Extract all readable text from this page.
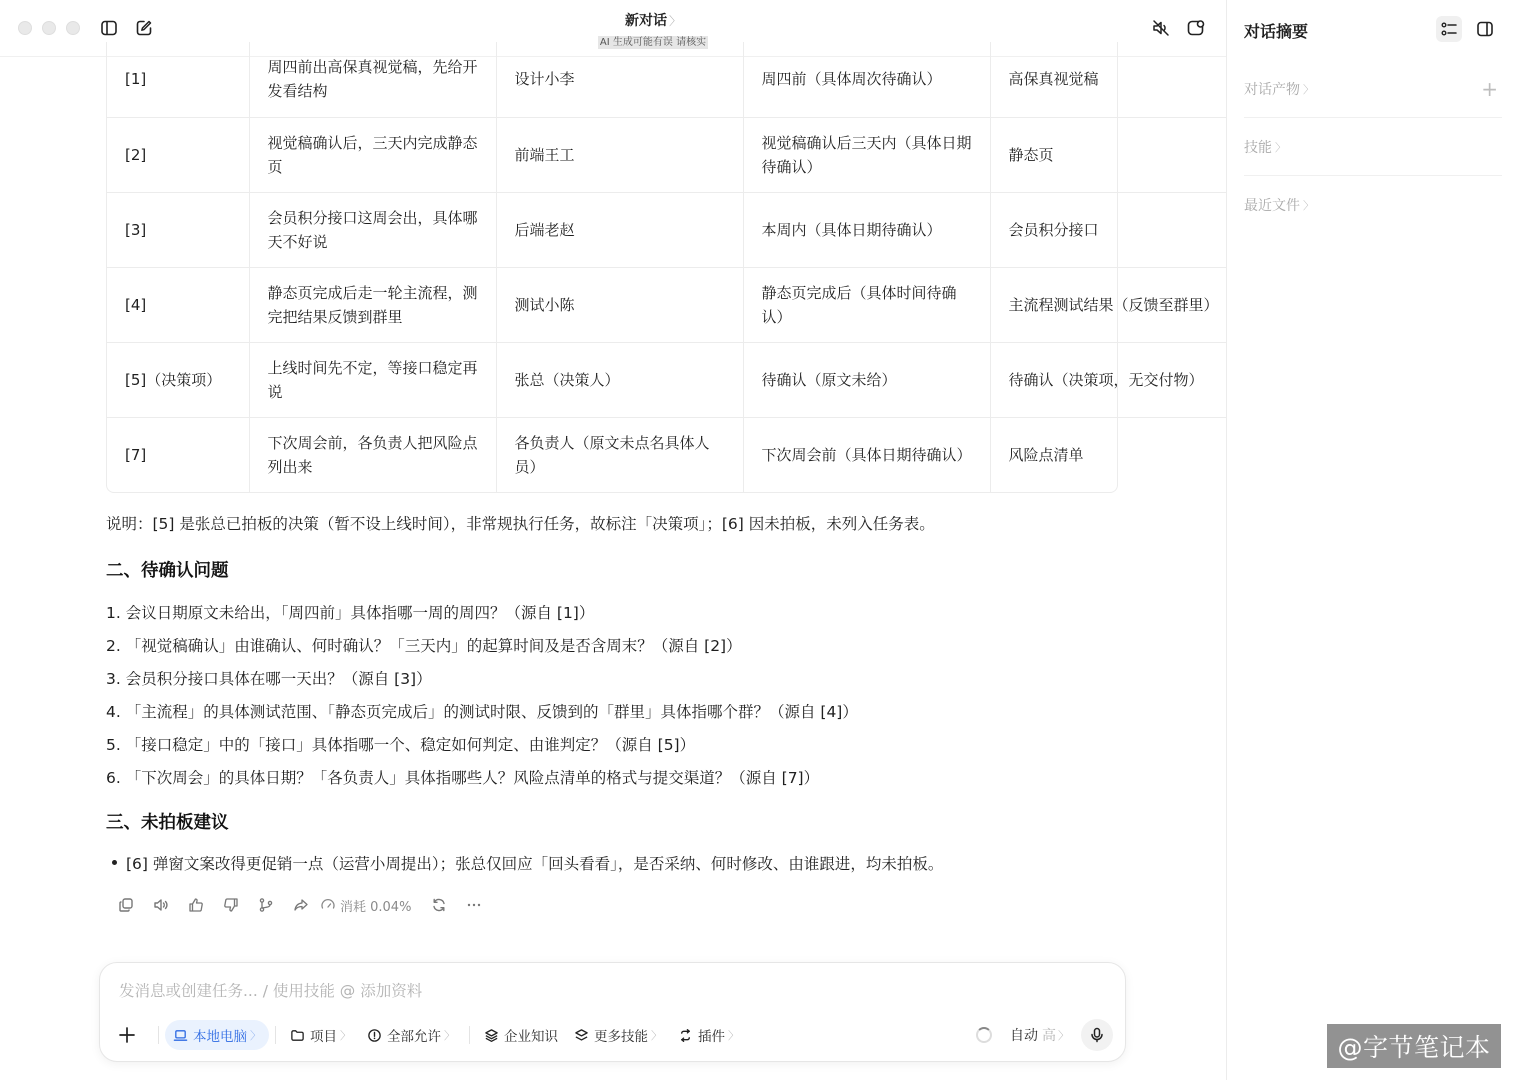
新对话 〉
AI 生成可能有误 请核实
[1]	周四前出高保真视觉稿，先给开发看结构	设计小李	周四前（具体周次待确认）	高保真视觉稿
[2]	视觉稿确认后，三天内完成静态页	前端王工	视觉稿确认后三天内（具体日期待确认）	静态页
[3]	会员积分接口这周会出，具体哪天不好说	后端老赵	本周内（具体日期待确认）	会员积分接口
[4]	静态页完成后走一轮主流程，测完把结果反馈到群里	测试小陈	静态页完成后（具体时间待确认）	主流程测试结果（反馈至群里）
[5]（决策项）	上线时间先不定，等接口稳定再说	张总（决策人）	待确认（原文未给）	待确认（决策项，无交付物）
[7]	下次周会前，各负责人把风险点列出来	各负责人（原文未点名具体人员）	下次周会前（具体日期待确认）	风险点清单
说明：[5] 是张总已拍板的决策（暂不设上线时间），非常规执行任务，故标注「决策项」；[6] 因未拍板，未列入任务表。
二、待确认问题
1. 会议日期原文未给出，「周四前」具体指哪一周的周四？（源自 [1]）
2. 「视觉稿确认」由谁确认、何时确认？「三天内」的起算时间及是否含周末？（源自 [2]）
3. 会员积分接口具体在哪一天出？（源自 [3]）
4. 「主流程」的具体测试范围、「静态页完成后」的测试时限、反馈到的「群里」具体指哪个群？（源自 [4]）
5. 「接口稳定」中的「接口」具体指哪一个、稳定如何判定、由谁判定？（源自 [5]）
6. 「下次周会」的具体日期？「各负责人」具体指哪些人？风险点清单的格式与提交渠道？（源自 [7]）
三、未拍板建议
[6] 弹窗文案改得更促销一点（运营小周提出）；张总仅回应「回头看看」，是否采纳、何时修改、由谁跟进，均未拍板。
消耗 0.04%
发消息或创建任务... / 使用技能 @ 添加资料
本地电脑 〉	项目 〉	全部允许 〉	企业知识	更多技能 〉	插件 〉	自动 高 〉
对话摘要
对话产物 〉	+
技能 〉
最近文件 〉
@字节笔记本
